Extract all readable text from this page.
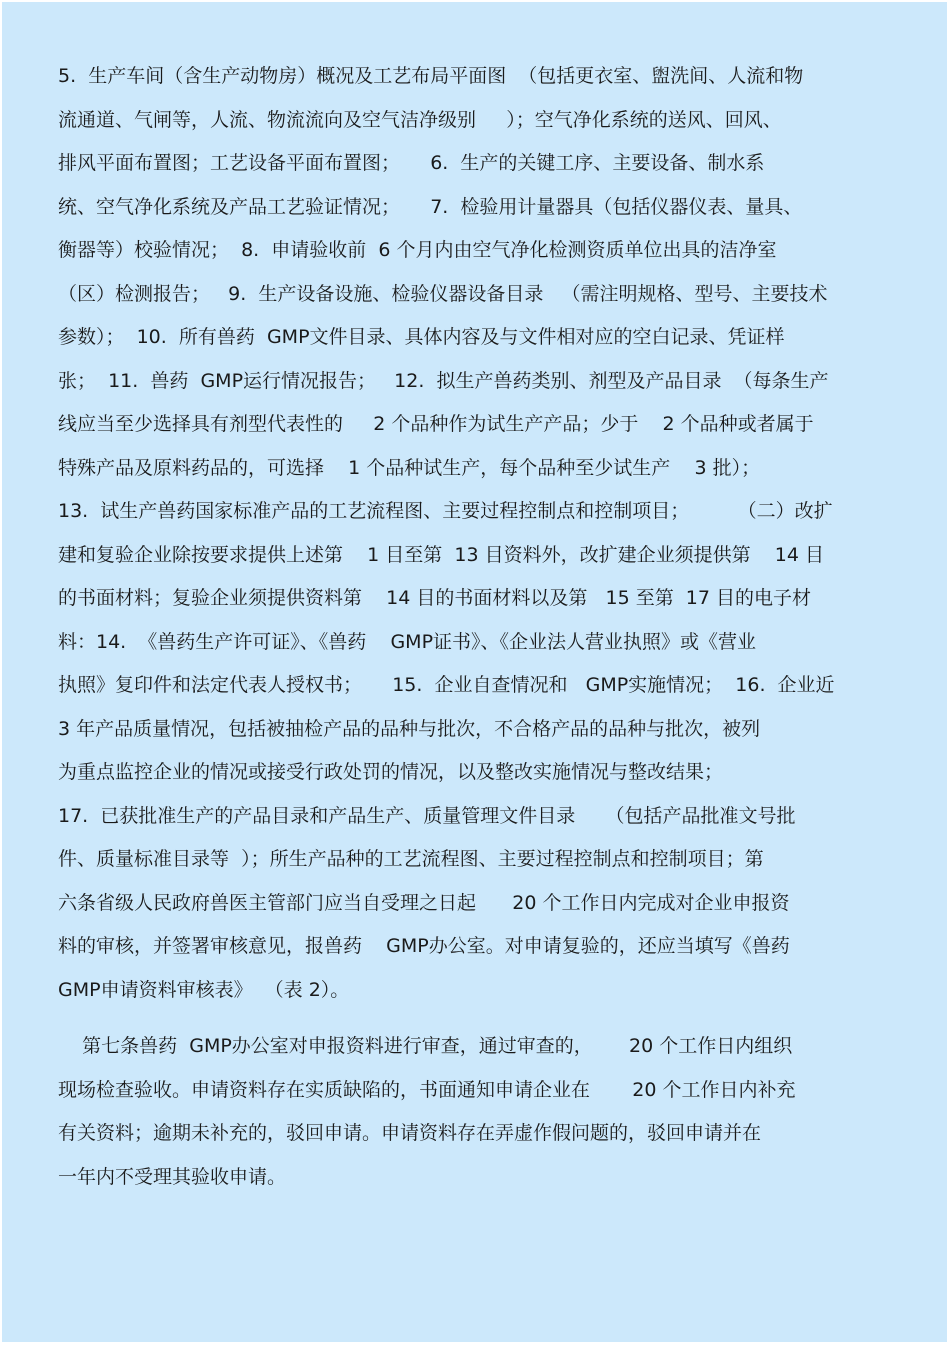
5.  生产车间（含生产动物房）概况及工艺布局平面图  （包括更衣室、盥洗间、人流和物
流通道、气闸等，人流、物流流向及空气洁净级别     ）；空气净化系统的送风、回风、
排风平面布置图；工艺设备平面布置图；     6.  生产的关键工序、主要设备、制水系
统、空气净化系统及产品工艺验证情况；     7.  检验用计量器具（包括仪器仪表、量具、
衡器等）校验情况；  8.  申请验收前  6 个月内由空气净化检测资质单位出具的洁净室
（区）检测报告；   9.  生产设备设施、检验仪器设备目录   （需注明规格、型号、主要技术
参数）；  10.  所有兽药  GMP文件目录、具体内容及与文件相对应的空白记录、凭证样
张；  11.  兽药  GMP运行情况报告；   12.  拟生产兽药类别、剂型及产品目录  （每条生产
线应当至少选择具有剂型代表性的     2 个品种作为试生产产品；少于    2 个品种或者属于
特殊产品及原料药品的，可选择    1 个品种试生产，每个品种至少试生产    3 批）；
13.  试生产兽药国家标准产品的工艺流程图、主要过程控制点和控制项目；        （二）改扩
建和复验企业除按要求提供上述第    1 目至第  13 目资料外，改扩建企业须提供第    14 目
的书面材料；复验企业须提供资料第    14 目的书面材料以及第   15 至第  17 目的电子材
料：14.  《兽药生产许可证》、《兽药    GMP证书》、《企业法人营业执照》或《营业
执照》复印件和法定代表人授权书；     15.  企业自查情况和   GMP实施情况；  16.  企业近
3 年产品质量情况，包括被抽检产品的品种与批次，不合格产品的品种与批次，被列
为重点监控企业的情况或接受行政处罚的情况，以及整改实施情况与整改结果；
17.  已获批准生产的产品目录和产品生产、质量管理文件目录     （包括产品批准文号批
件、质量标准目录等  ）；所生产品种的工艺流程图、主要过程控制点和控制项目；第
六条省级人民政府兽医主管部门应当自受理之日起      20 个工作日内完成对企业申报资
料的审核，并签署审核意见，报兽药    GMP办公室。对申请复验的，还应当填写《兽药
GMP申请资料审核表》  （表 2）。
第七条兽药  GMP办公室对申报资料进行审查，通过审查的，      20 个工作日内组织
现场检查验收。申请资料存在实质缺陷的，书面通知申请企业在       20 个工作日内补充
有关资料；逾期未补充的，驳回申请。申请资料存在弄虚作假问题的，驳回申请并在
一年内不受理其验收申请。
